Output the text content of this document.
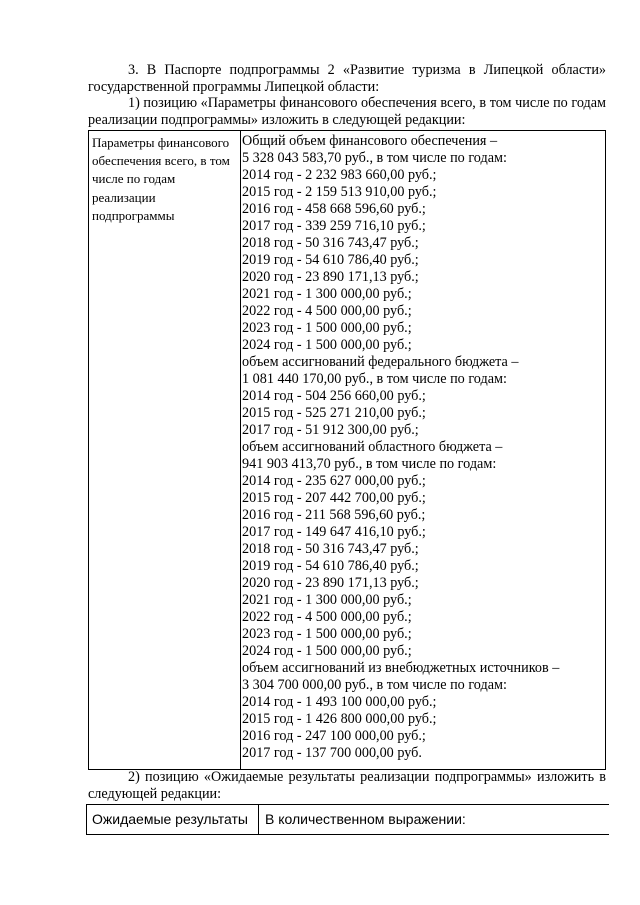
3. В Паспорте подпрограммы 2 «Развитие туризма в Липецкой области» государственной программы Липецкой области:
1) позицию «Параметры финансового обеспечения всего, в том числе по годам реализации подпрограммы» изложить в следующей редакции:
Параметры финансового обеспечения всего, в том числе по годам реализации подпрограммы
Общий объем финансового обеспечения –
5 328 043 583,70 руб., в том числе по годам:
2014 год - 2 232 983 660,00 руб.;
2015 год - 2 159 513 910,00 руб.;
2016 год - 458 668 596,60 руб.;
2017 год - 339 259 716,10 руб.;
2018 год - 50 316 743,47 руб.;
2019 год - 54 610 786,40 руб.;
2020 год - 23 890 171,13 руб.;
2021 год - 1 300 000,00 руб.;
2022 год - 4 500 000,00 руб.;
2023 год - 1 500 000,00 руб.;
2024 год - 1 500 000,00 руб.;
объем ассигнований федерального бюджета –
1 081 440 170,00 руб., в том числе по годам:
2014 год - 504 256 660,00 руб.;
2015 год - 525 271 210,00 руб.;
2017 год - 51 912 300,00 руб.;
объем ассигнований областного бюджета –
941 903 413,70 руб., в том числе по годам:
2014 год - 235 627 000,00 руб.;
2015 год - 207 442 700,00 руб.;
2016 год - 211 568 596,60 руб.;
2017 год - 149 647 416,10 руб.;
2018 год - 50 316 743,47 руб.;
2019 год - 54 610 786,40 руб.;
2020 год - 23 890 171,13 руб.;
2021 год - 1 300 000,00 руб.;
2022 год - 4 500 000,00 руб.;
2023 год - 1 500 000,00 руб.;
2024 год - 1 500 000,00 руб.;
объем ассигнований из внебюджетных источников –
3 304 700 000,00 руб., в том числе по годам:
2014 год - 1 493 100 000,00 руб.;
2015 год - 1 426 800 000,00 руб.;
2016 год - 247 100 000,00 руб.;
2017 год - 137 700 000,00 руб.
2) позицию «Ожидаемые результаты реализации подпрограммы» изложить в следующей редакции:
Ожидаемые результаты В количественном выражении:
